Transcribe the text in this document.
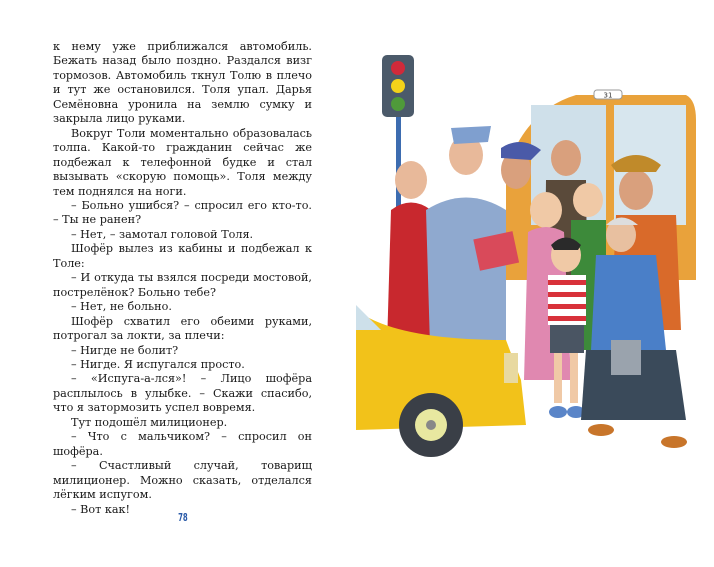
к нему уже приближался автомобиль. Бежать назад было поздно. Раздался визг тормозов. Автомобиль ткнул Толю в плечо и тут же остановился. Толя упал. Дарья Семёновна уронила на землю сумку и закрыла лицо руками.

Вокруг Толи моментально образовалась толпа. Какой-то гражданин сейчас же подбежал к телефонной будке и стал вызывать «скорую помощь». Толя между тем поднялся на ноги.

– Больно ушибся? – спросил его кто-то. – Ты не ранен?

– Нет, – замотал головой Толя.

Шофёр вылез из кабины и подбежал к Толе:

– И откуда ты взялся посреди мостовой, пострелёнок? Больно тебе?

– Нет, не больно.

Шофёр схватил его обеими руками, потрогал за локти, за плечи:

– Нигде не болит?

– Нигде. Я испугался просто.

– «Испуга-а-лся»! – Лицо шофёра расплылось в улыбке. – Скажи спасибо, что я затормозить успел вовремя.

Тут подошёл милиционер.

– Что с мальчиком? – спросил он шофёра.

– Счастливый случай, товарищ милиционер. Можно сказать, отделался лёгким испугом.

– Вот как!

78
31
